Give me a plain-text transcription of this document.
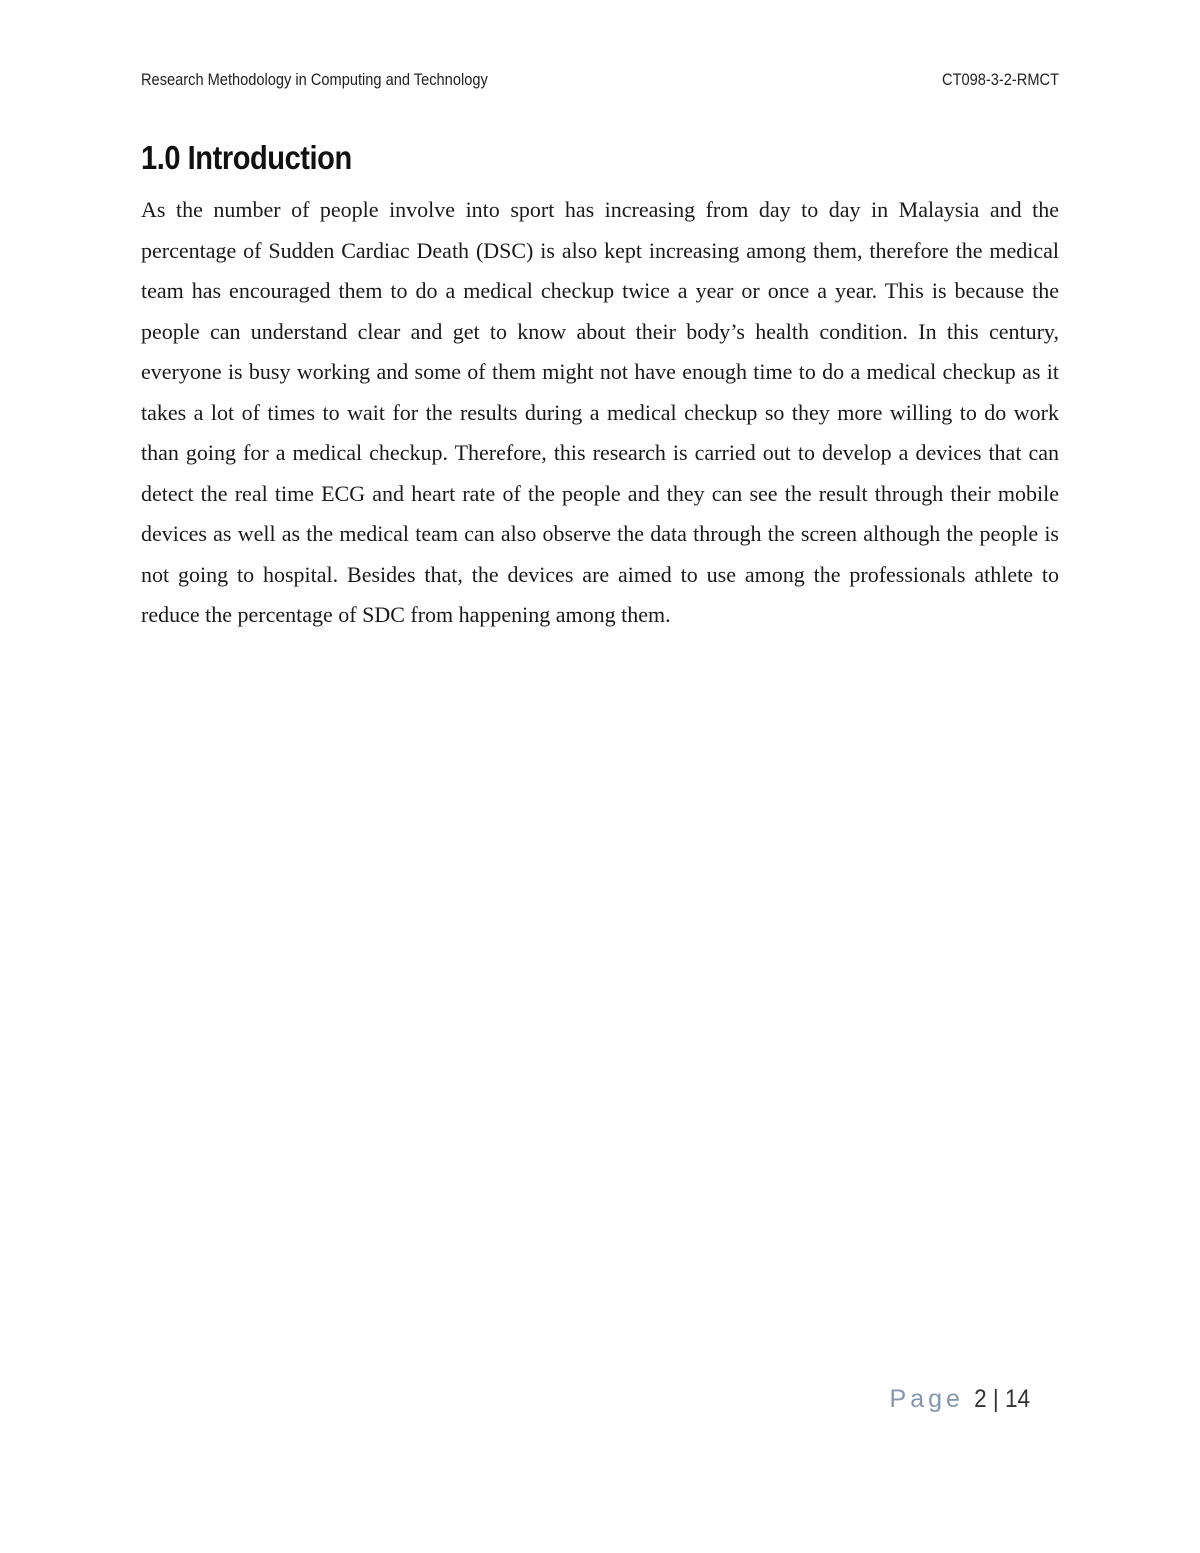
Research Methodology in Computing and Technology	CT098-3-2-RMCT
1.0 Introduction

As the number of people involve into sport has increasing from day to day in Malaysia and the percentage of Sudden Cardiac Death (DSC) is also kept increasing among them, therefore the medical team has encouraged them to do a medical checkup twice a year or once a year. This is because the people can understand clear and get to know about their body’s health condition. In this century, everyone is busy working and some of them might not have enough time to do a medical checkup as it takes a lot of times to wait for the results during a medical checkup so they more willing to do work than going for a medical checkup. Therefore, this research is carried out to develop a devices that can detect the real time ECG and heart rate of the people and they can see the result through their mobile devices as well as the medical team can also observe the data through the screen although the people is not going to hospital. Besides that, the devices are aimed to use among the professionals athlete to reduce the percentage of SDC from happening among them.

Page 2 | 14
